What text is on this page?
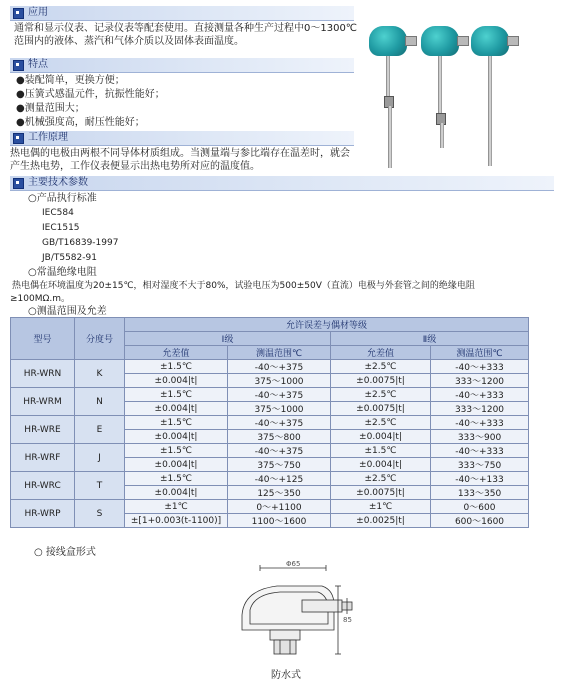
应用
通常和显示仪表、记录仪表等配套使用。直接测量各种生产过程中0～1300℃
范围内的液体、蒸汽和气体介质以及固体表面温度。
特点
●装配简单，更换方便；
●压簧式感温元件，抗振性能好；
●测量范围大；
●机械强度高，耐压性能好；
工作原理
热电偶的电极由两根不同导体材质组成。当测量端与参比端存在温差时，就会
产生热电势，工作仪表便显示出热电势所对应的温度值。
主要技术参数
○产品执行标准
IEC584
IEC1515
GB/T16839-1997
JB/T5582-91
○常温绝缘电阻
热电偶在环境温度为20±15℃，相对湿度不大于80%，试验电压为500±50V（直流）电极与外套管之间的绝缘电阻
≥100MΩ.m。
○测温范围及允差
型号	分度号	允许误差与偶材等级			
		Ⅰ级		Ⅱ级	
		允差值	测温范围℃	允差值	测温范围℃
HR-WRN	K	±1.5℃	-40～+375	±2.5℃	-40～+333
		±0.004|t|	375～1000	±0.0075|t|	333～1200
HR-WRM	N	±1.5℃	-40～+375	±2.5℃	-40～+333
		±0.004|t|	375～1000	±0.0075|t|	333～1200
HR-WRE	E	±1.5℃	-40～+375	±2.5℃	-40～+333
		±0.004|t|	375～800	±0.004|t|	333～900
HR-WRF	J	±1.5℃	-40～+375	±1.5℃	-40～+333
		±0.004|t|	375～750	±0.004|t|	333～750
HR-WRC	T	±1.5℃	-40～+125	±2.5℃	-40～+133
		±0.004|t|	125～350	±0.0075|t|	133～350
HR-WRP	S	±1℃	0～+1100	±1℃	0～600
		±[1+0.003(t-1100)]	1100～1600	±0.0025|t|	600～1600
○ 接线盒形式
Φ65
85
防水式
